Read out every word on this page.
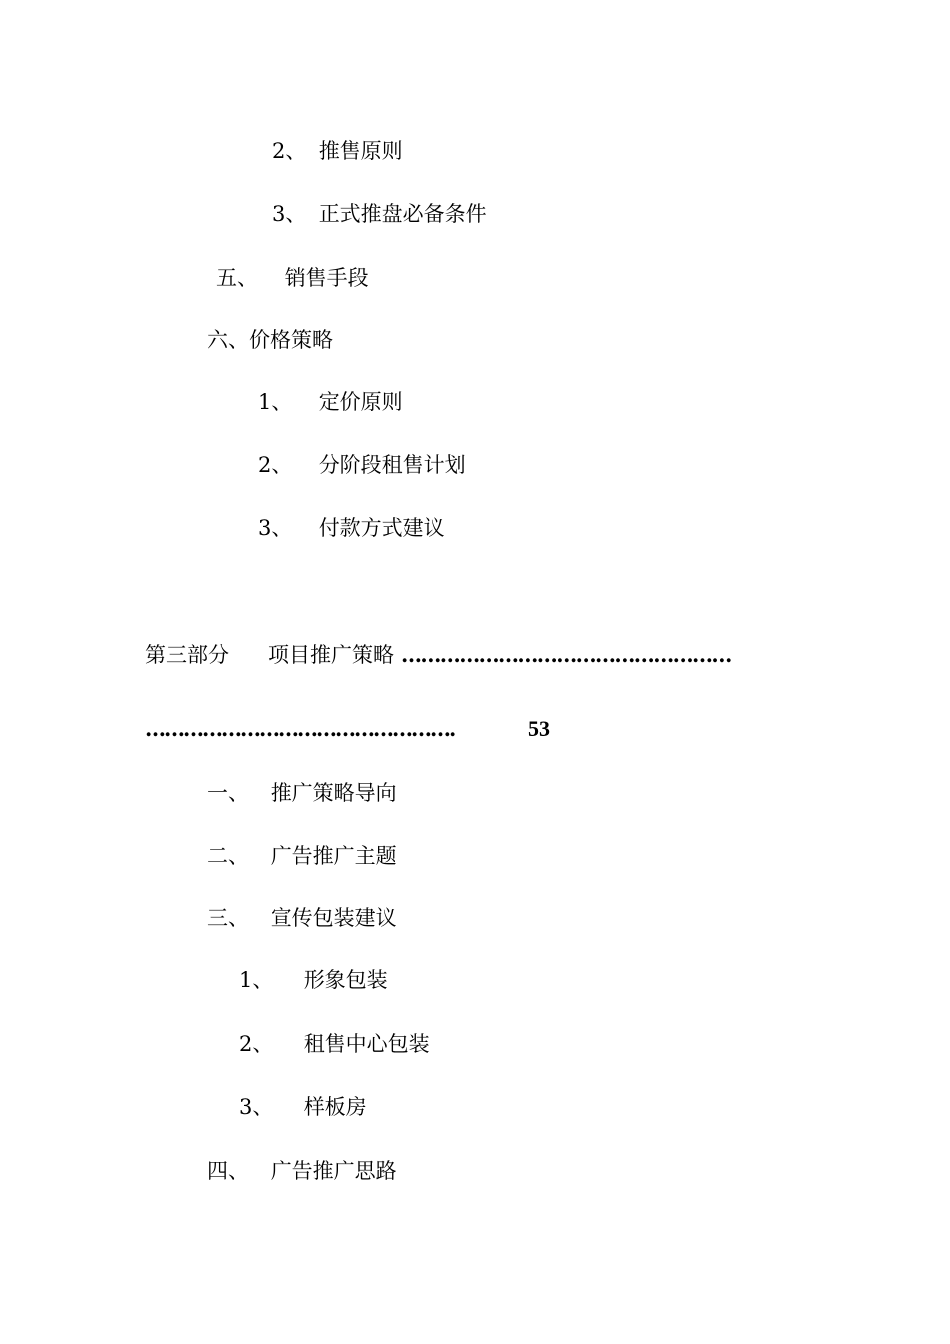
2、 推售原则
3、 正式推盘必备条件
五、 销售手段
六、价格策略
1、 定价原则
2、 分阶段租售计划
3、 付款方式建议
第三部分 项目推广策略 ……………………………………………
………………………………………….	53
一、 推广策略导向
二、 广告推广主题
三、 宣传包装建议
1、 形象包装
2、 租售中心包装
3、 样板房
四、 广告推广思路
